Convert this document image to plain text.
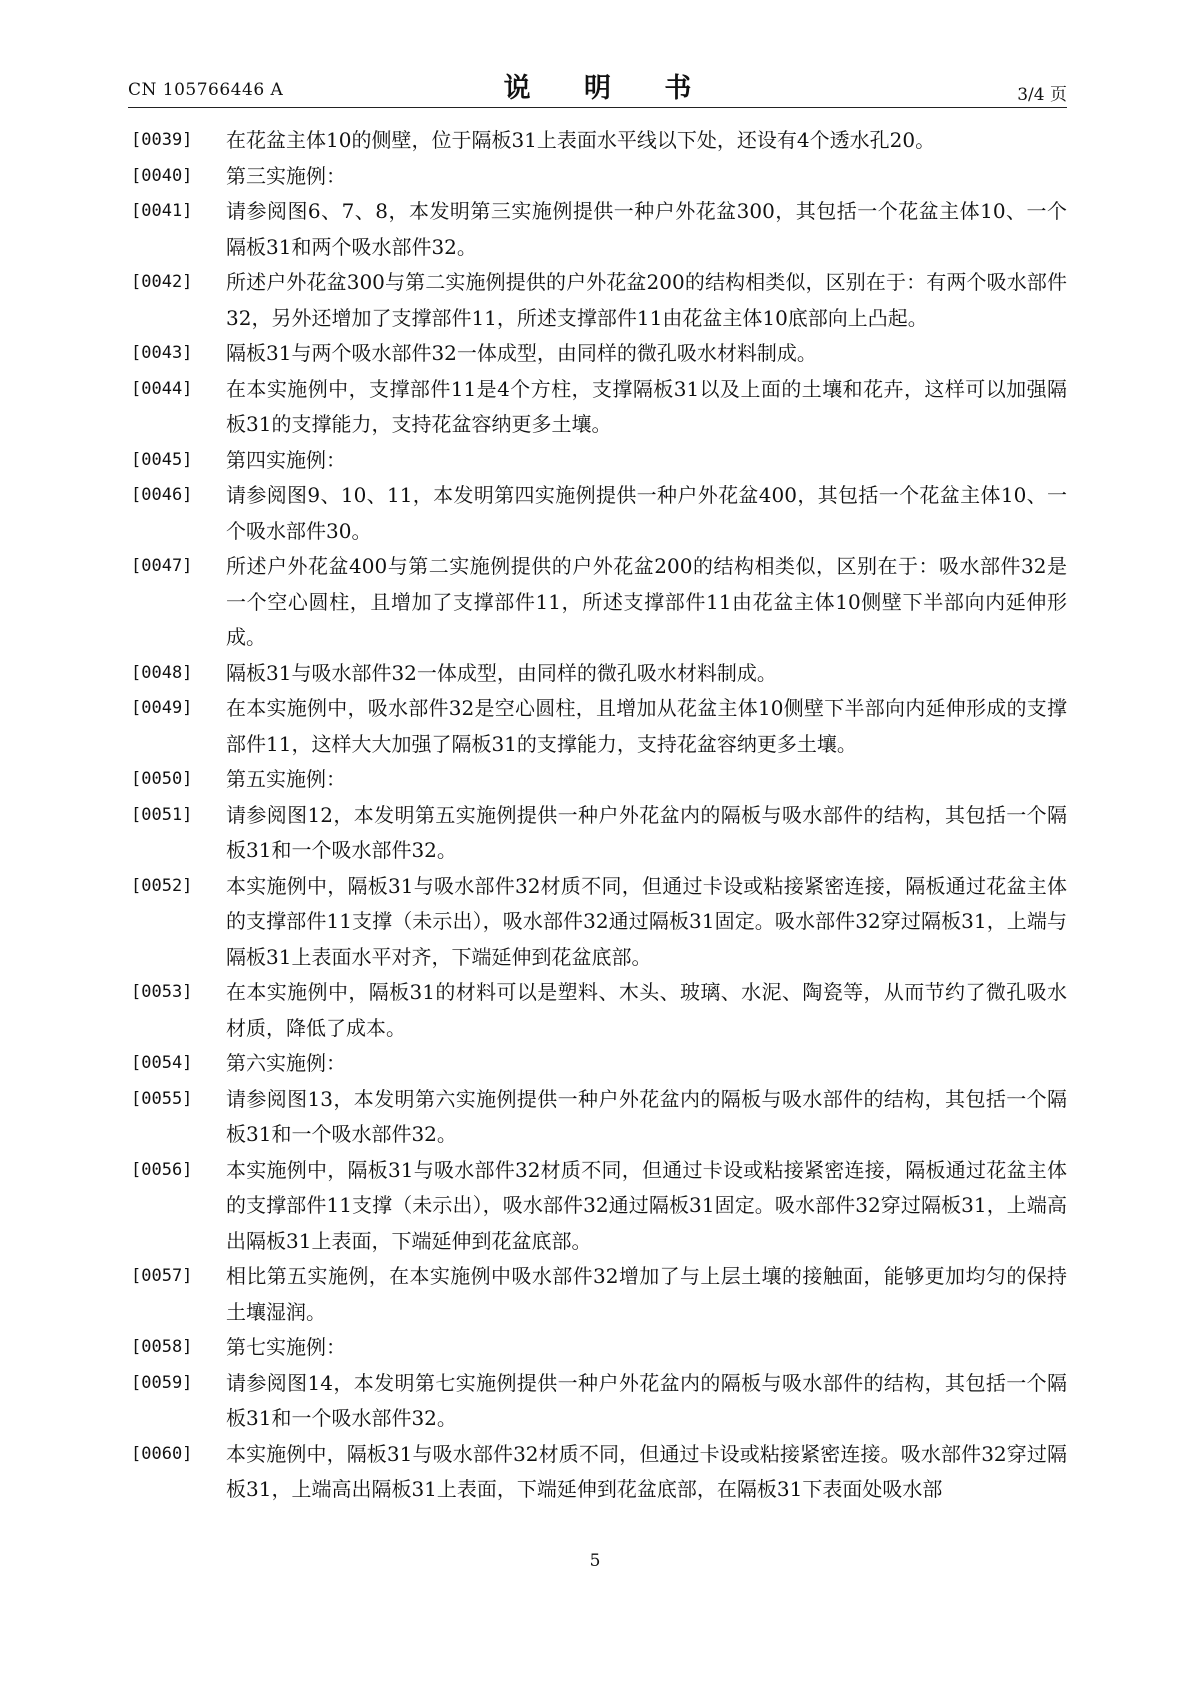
CN 105766446 A	说 明 书	3/4 页
[0039]	在花盆主体10的侧壁，位于隔板31上表面水平线以下处，还设有4个透水孔20。
[0040]	第三实施例：
[0041]	请参阅图6、7、8，本发明第三实施例提供一种户外花盆300，其包括一个花盆主体10、一个隔板31和两个吸水部件32。
[0042]	所述户外花盆300与第二实施例提供的户外花盆200的结构相类似，区别在于：有两个吸水部件32，另外还增加了支撑部件11，所述支撑部件11由花盆主体10底部向上凸起。
[0043]	隔板31与两个吸水部件32一体成型，由同样的微孔吸水材料制成。
[0044]	在本实施例中，支撑部件11是4个方柱，支撑隔板31以及上面的土壤和花卉，这样可以加强隔板31的支撑能力，支持花盆容纳更多土壤。
[0045]	第四实施例：
[0046]	请参阅图9、10、11，本发明第四实施例提供一种户外花盆400，其包括一个花盆主体10、一个吸水部件30。
[0047]	所述户外花盆400与第二实施例提供的户外花盆200的结构相类似，区别在于：吸水部件32是一个空心圆柱，且增加了支撑部件11，所述支撑部件11由花盆主体10侧壁下半部向内延伸形成。
[0048]	隔板31与吸水部件32一体成型，由同样的微孔吸水材料制成。
[0049]	在本实施例中，吸水部件32是空心圆柱，且增加从花盆主体10侧壁下半部向内延伸形成的支撑部件11，这样大大加强了隔板31的支撑能力，支持花盆容纳更多土壤。
[0050]	第五实施例：
[0051]	请参阅图12，本发明第五实施例提供一种户外花盆内的隔板与吸水部件的结构，其包括一个隔板31和一个吸水部件32。
[0052]	本实施例中，隔板31与吸水部件32材质不同，但通过卡设或粘接紧密连接，隔板通过花盆主体的支撑部件11支撑（未示出），吸水部件32通过隔板31固定。吸水部件32穿过隔板31，上端与隔板31上表面水平对齐，下端延伸到花盆底部。
[0053]	在本实施例中，隔板31的材料可以是塑料、木头、玻璃、水泥、陶瓷等，从而节约了微孔吸水材质，降低了成本。
[0054]	第六实施例：
[0055]	请参阅图13，本发明第六实施例提供一种户外花盆内的隔板与吸水部件的结构，其包括一个隔板31和一个吸水部件32。
[0056]	本实施例中，隔板31与吸水部件32材质不同，但通过卡设或粘接紧密连接，隔板通过花盆主体的支撑部件11支撑（未示出），吸水部件32通过隔板31固定。吸水部件32穿过隔板31，上端高出隔板31上表面，下端延伸到花盆底部。
[0057]	相比第五实施例，在本实施例中吸水部件32增加了与上层土壤的接触面，能够更加均匀的保持土壤湿润。
[0058]	第七实施例：
[0059]	请参阅图14，本发明第七实施例提供一种户外花盆内的隔板与吸水部件的结构，其包括一个隔板31和一个吸水部件32。
[0060]	本实施例中，隔板31与吸水部件32材质不同，但通过卡设或粘接紧密连接。吸水部件32穿过隔板31，上端高出隔板31上表面，下端延伸到花盆底部，在隔板31下表面处吸水部
5
